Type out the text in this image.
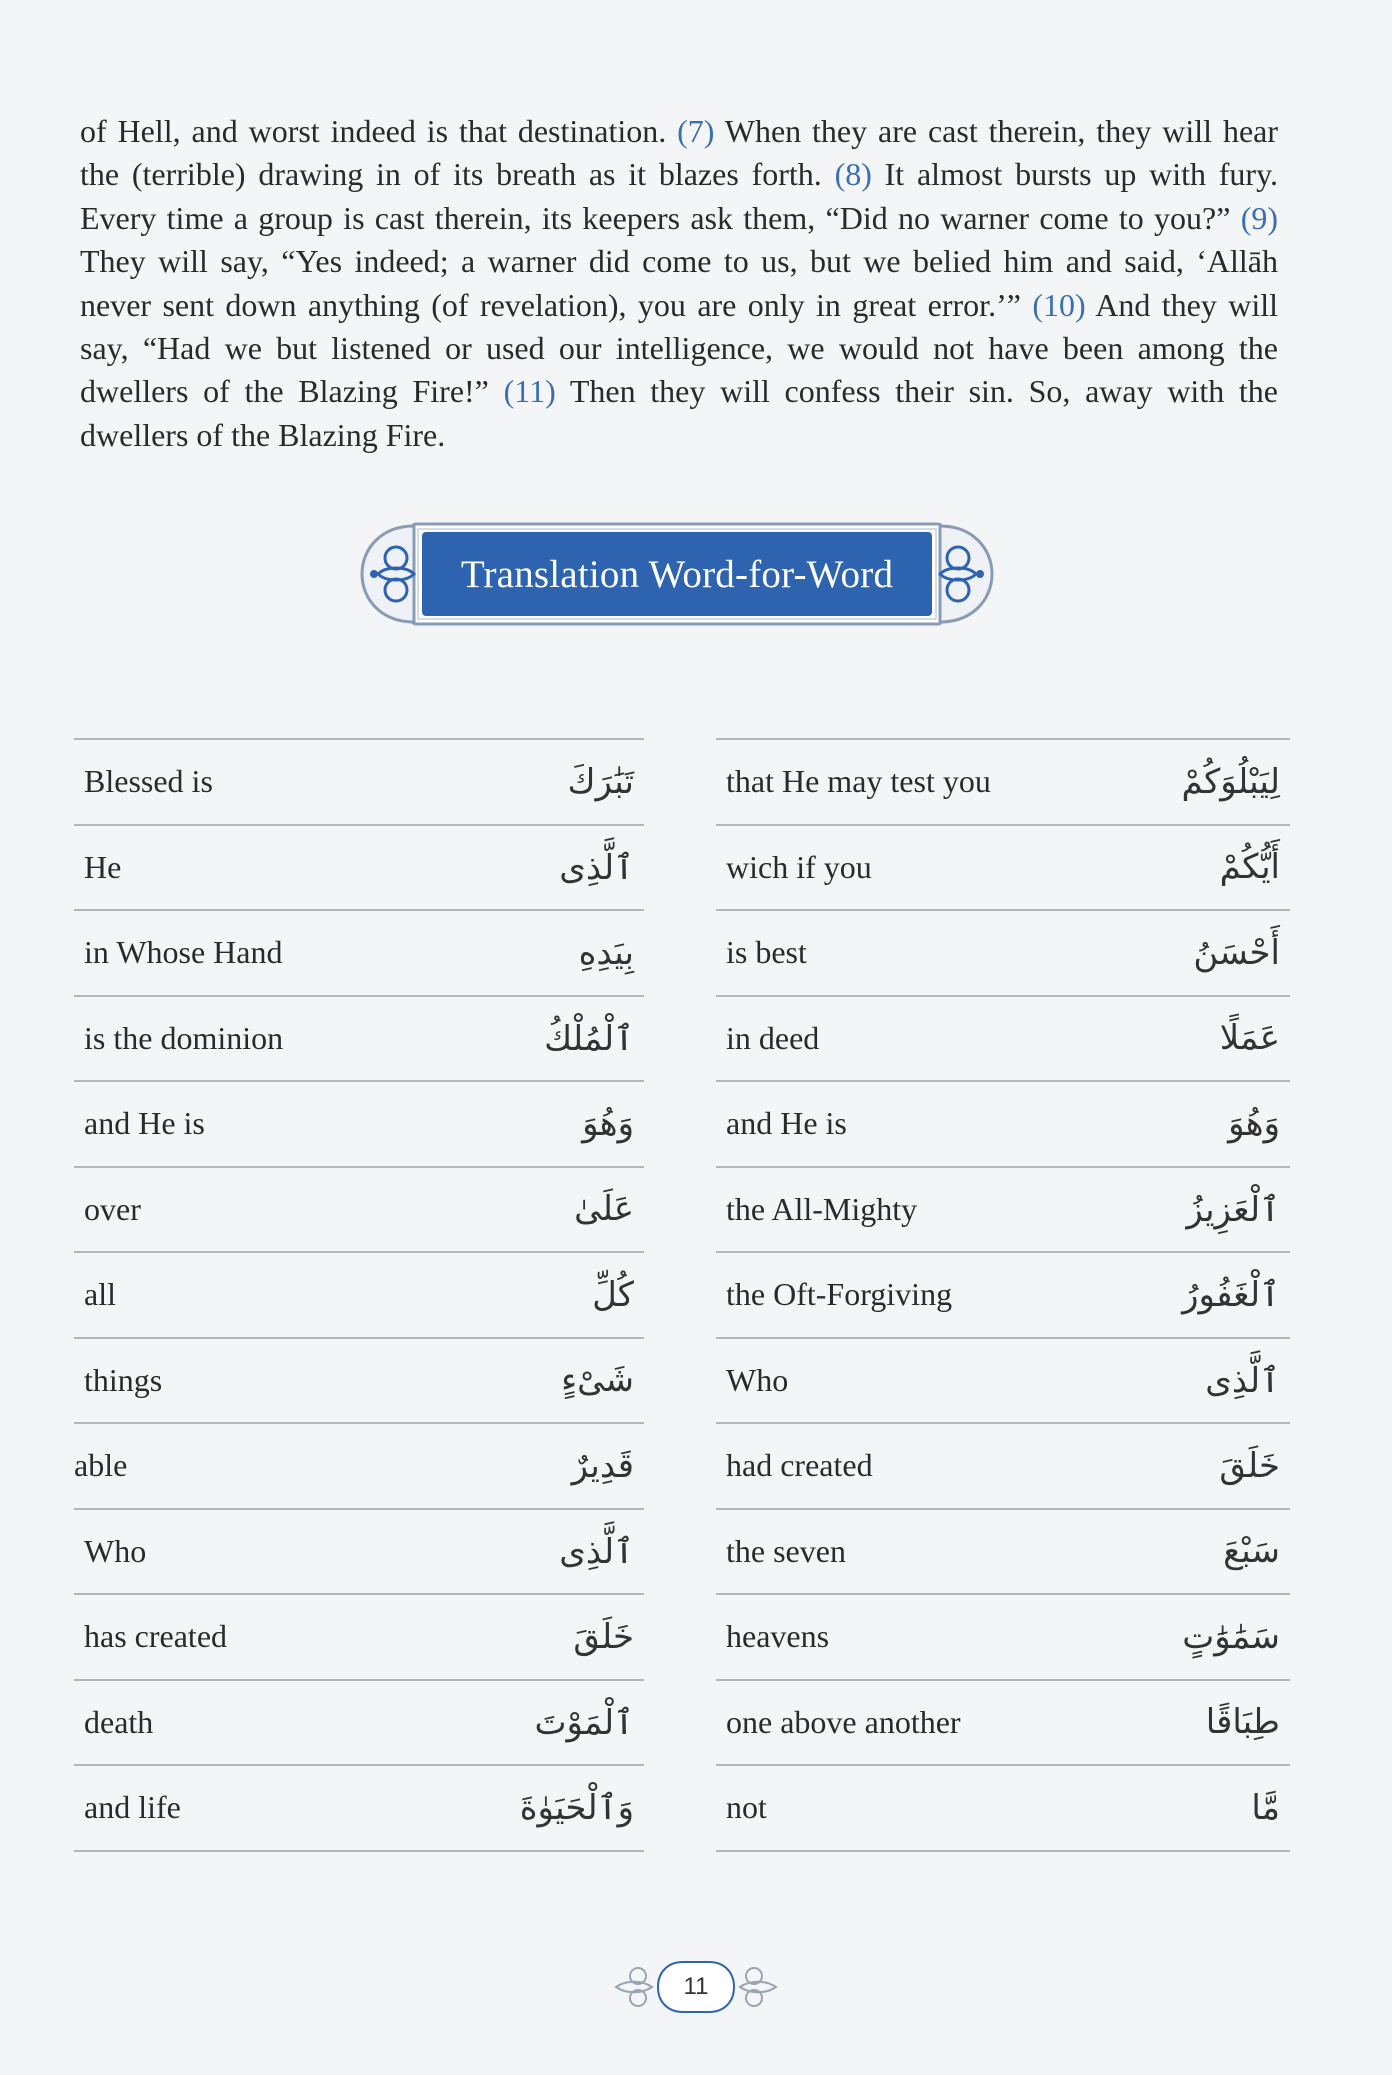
of Hell, and worst indeed is that destination. (7) When they are cast therein, they will hear the (terrible) drawing in of its breath as it blazes forth. (8) It almost bursts up with fury. Every time a group is cast therein, its keepers ask them, “Did no warner come to you?” (9) They will say, “Yes indeed; a warner did come to us, but we belied him and said, ‘Allāh never sent down anything (of revelation), you are only in great error.’” (10) And they will say, “Had we but listened or used our intelligence, we would not have been among the dwellers of the Blazing Fire!” (11) Then they will confess their sin. So, away with the dwellers of the Blazing Fire.
Translation Word-for-Word
Blessed is	تَبَٰرَكَ
He	ٱلَّذِى
in Whose Hand	بِيَدِهِ
is the dominion	ٱلْمُلْكُ
and He is	وَهُوَ
over	عَلَىٰ
all	كُلِّ
things	شَىْءٍ
able	قَدِيرٌ
Who	ٱلَّذِى
has created	خَلَقَ
death	ٱلْمَوْتَ
and life	وَٱلْحَيَوٰةَ
that He may test you	لِيَبْلُوَكُمْ
wich if you	أَيُّكُمْ
is best	أَحْسَنُ
in deed	عَمَلًا
and He is	وَهُوَ
the All-Mighty	ٱلْعَزِيزُ
the Oft-Forgiving	ٱلْغَفُورُ
Who	ٱلَّذِى
had created	خَلَقَ
the seven	سَبْعَ
heavens	سَمَٰوَٰتٍ
one above another	طِبَاقًا
not	مَّا
11
